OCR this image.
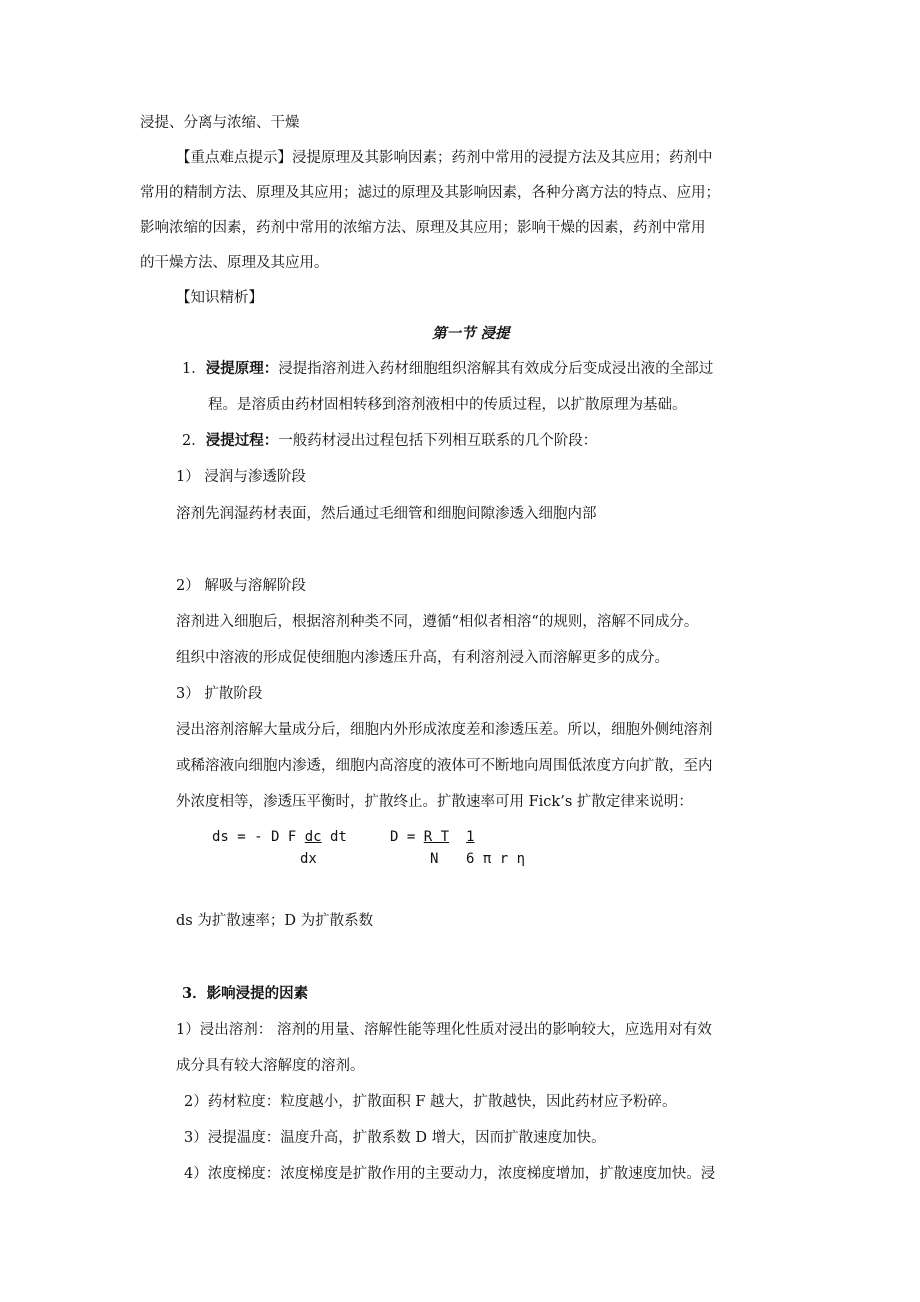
浸提、分离与浓缩、干燥
【重点难点提示】浸提原理及其影响因素；药剂中常用的浸提方法及其应用；药剂中
常用的精制方法、原理及其应用；滤过的原理及其影响因素，各种分离方法的特点、应用；
影响浓缩的因素，药剂中常用的浓缩方法、原理及其应用；影响干燥的因素，药剂中常用
的干燥方法、原理及其应用。
【知识精析】
第一节 浸提
1．浸提原理：浸提指溶剂进入药材细胞组织溶解其有效成分后变成浸出液的全部过
程。是溶质由药材固相转移到溶剂液相中的传质过程，以扩散原理为基础。
2．浸提过程：一般药材浸出过程包括下列相互联系的几个阶段：
1） 浸润与渗透阶段
溶剂先润湿药材表面，然后通过毛细管和细胞间隙渗透入细胞内部
2） 解吸与溶解阶段
溶剂进入细胞后，根据溶剂种类不同，遵循“相似者相溶“的规则，溶解不同成分。
组织中溶液的形成促使细胞内渗透压升高，有利溶剂浸入而溶解更多的成分。
3） 扩散阶段
浸出溶剂溶解大量成分后，细胞内外形成浓度差和渗透压差。所以，细胞外侧纯溶剂
或稀溶液向细胞内渗透，细胞内高溶度的液体可不断地向周围低浓度方向扩散，至内
外浓度相等，渗透压平衡时，扩散终止。扩散速率可用 Fick’s 扩散定律来说明：
ds = - D F dc dt
dx
D = R T
N
1
6 π r η
ds 为扩散速率；D 为扩散系数
3．影响浸提的因素
1）浸出溶剂： 溶剂的用量、溶解性能等理化性质对浸出的影响较大，应选用对有效
成分具有较大溶解度的溶剂。
2）药材粒度：粒度越小，扩散面积 F 越大，扩散越快，因此药材应予粉碎。
3）浸提温度：温度升高，扩散系数 D 增大，因而扩散速度加快。
4）浓度梯度：浓度梯度是扩散作用的主要动力，浓度梯度增加，扩散速度加快。浸
